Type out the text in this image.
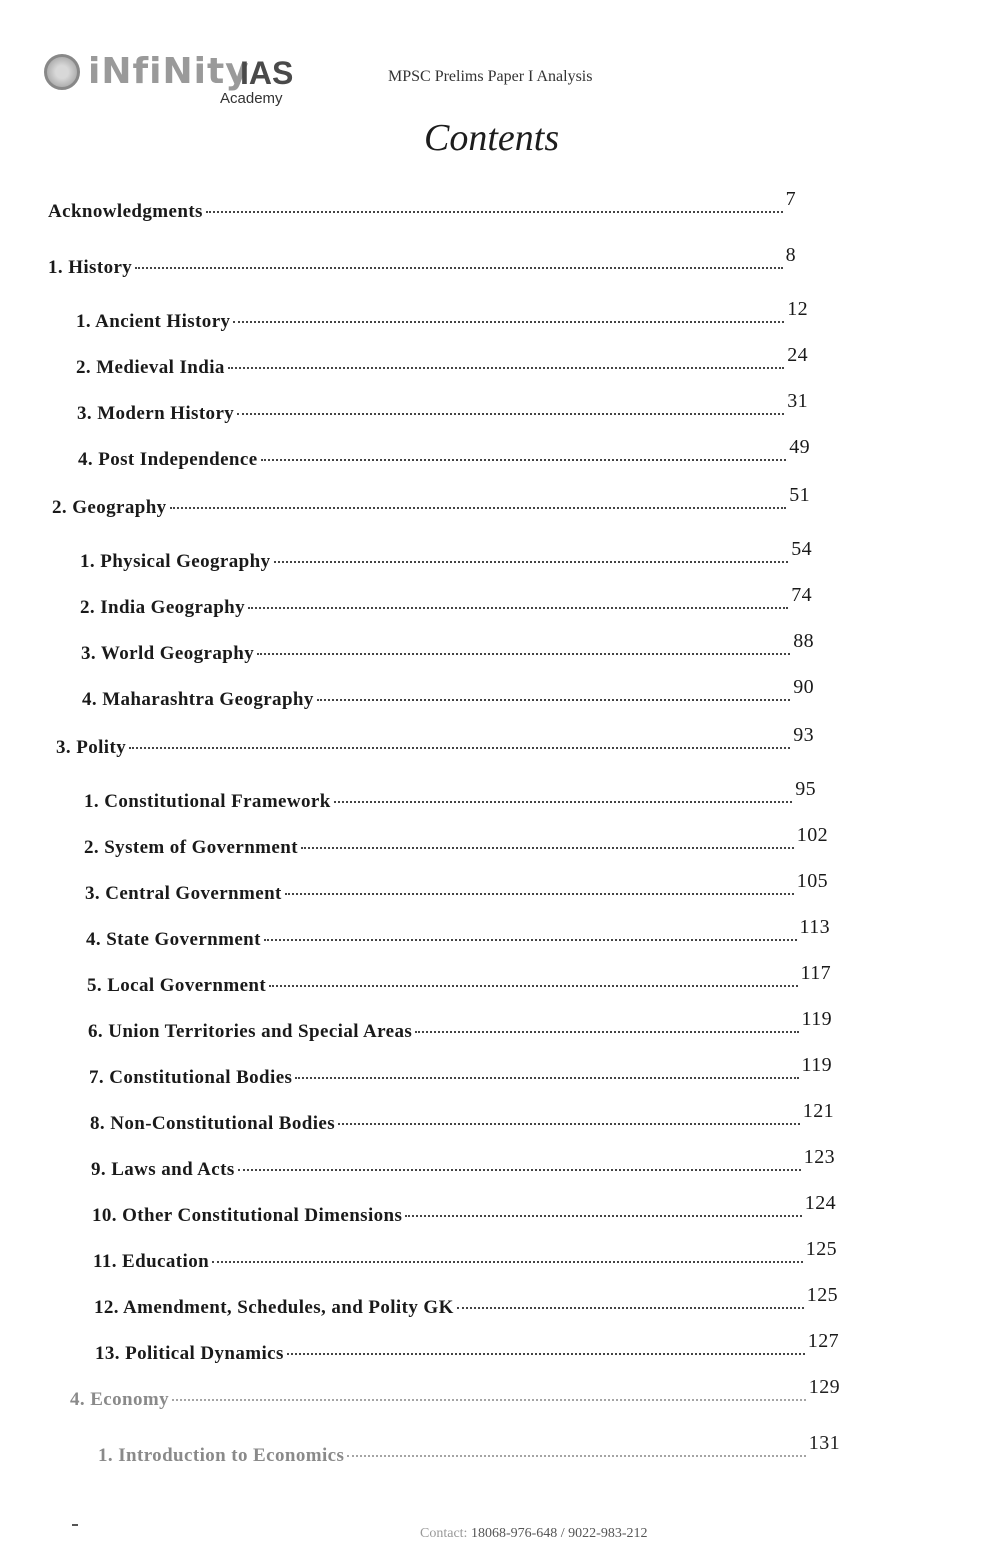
iNfiNity
IAS
Academy
MPSC Prelims Paper I Analysis
Contents
Acknowledgments
7
1. History
8
1. Ancient History
12
2. Medieval India
24
3. Modern History
31
4. Post Independence
49
2. Geography
51
1. Physical Geography
54
2. India Geography
74
3. World Geography
88
4. Maharashtra Geography
90
3. Polity
93
1. Constitutional Framework
95
2. System of Government
102
3. Central Government
105
4. State Government
113
5. Local Government
117
6. Union Territories and Special Areas
119
7. Constitutional Bodies
119
8. Non-Constitutional Bodies
121
9. Laws and Acts
123
10. Other Constitutional Dimensions
124
11. Education
125
12. Amendment, Schedules, and Polity GK
125
13. Political Dynamics
127
4. Economy
129
1. Introduction to Economics
131
Contact: 18068-976-648 / 9022-983-212
